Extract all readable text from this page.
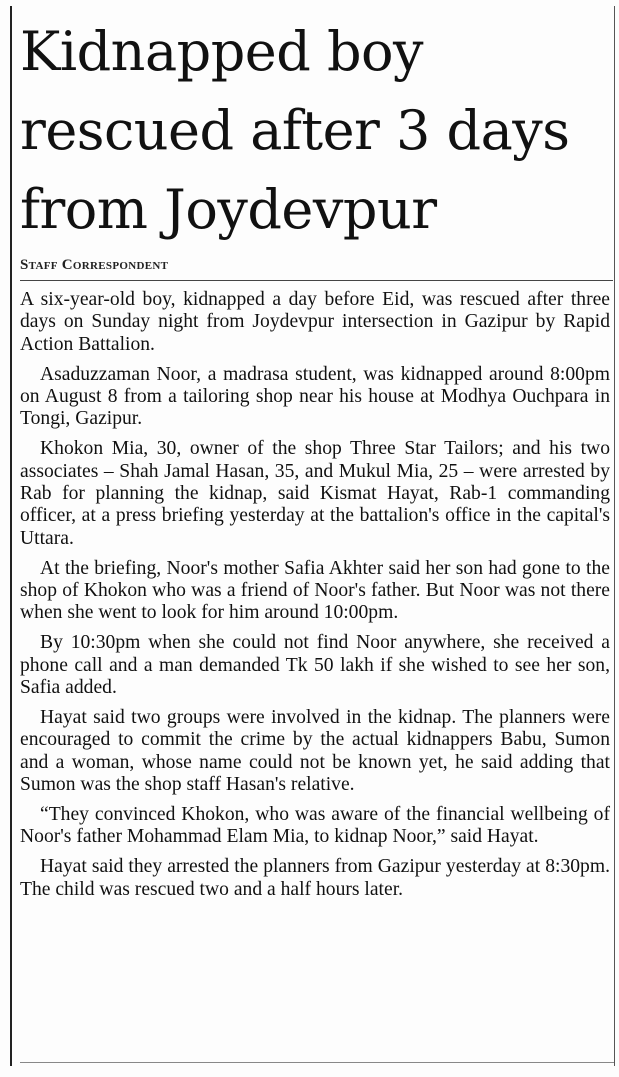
Kidnapped boy
rescued after 3 days
from Joydevpur
Staff Correspondent

A six-year-old boy, kidnapped a day before Eid, was rescued after three days on Sunday night from Joydevpur intersection in Gazipur by Rapid Action Battalion.

Asaduzzaman Noor, a madrasa student, was kidnapped around 8:00pm on August 8 from a tailoring shop near his house at Modhya Ouchpara in Tongi, Gazipur.

Khokon Mia, 30, owner of the shop Three Star Tailors; and his two associates – Shah Jamal Hasan, 35, and Mukul Mia, 25 – were arrested by Rab for planning the kidnap, said Kismat Hayat, Rab-1 commanding officer, at a press briefing yesterday at the battalion's office in the capital's Uttara.

At the briefing, Noor's mother Safia Akhter said her son had gone to the shop of Khokon who was a friend of Noor's father. But Noor was not there when she went to look for him around 10:00pm.

By 10:30pm when she could not find Noor anywhere, she received a phone call and a man demanded Tk 50 lakh if she wished to see her son, Safia added.

Hayat said two groups were involved in the kidnap. The planners were encouraged to commit the crime by the actual kidnappers Babu, Sumon and a woman, whose name could not be known yet, he said adding that Sumon was the shop staff Hasan's relative.

“They convinced Khokon, who was aware of the financial wellbeing of Noor's father Mohammad Elam Mia, to kidnap Noor,” said Hayat.

Hayat said they arrested the planners from Gazipur yesterday at 8:30pm. The child was rescued two and a half hours later.
